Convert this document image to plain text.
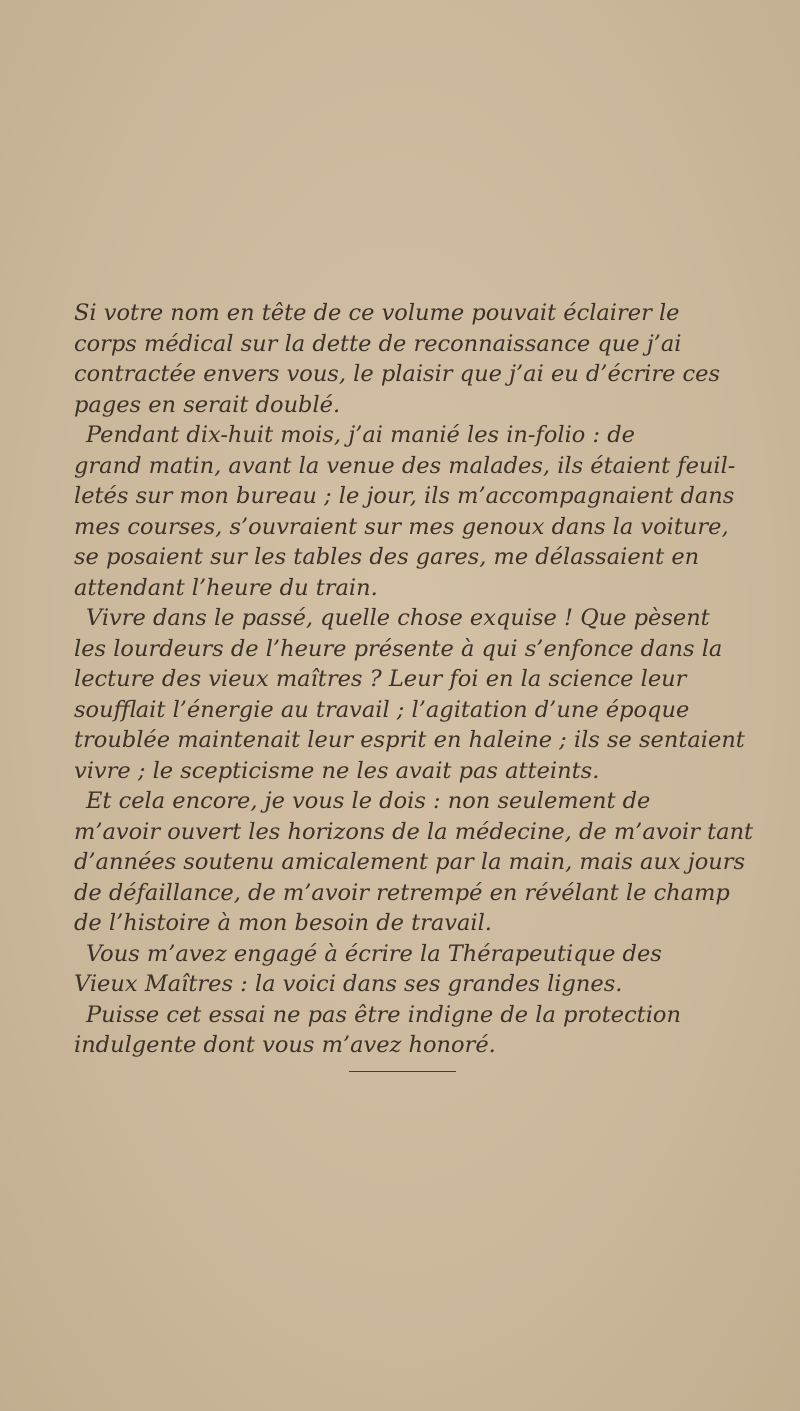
Si votre nom en tête de ce volume pouvait éclairer le
corps médical sur la dette de reconnaissance que j’ai
contractée envers vous, le plaisir que j’ai eu d’écrire ces
pages en serait doublé.
Pendant dix-huit mois, j’ai manié les in-folio : de
grand matin, avant la venue des malades, ils étaient feuil-
letés sur mon bureau ; le jour, ils m’accompagnaient dans
mes courses, s’ouvraient sur mes genoux dans la voiture,
se posaient sur les tables des gares, me délassaient en
attendant l’heure du train.
Vivre dans le passé, quelle chose exquise ! Que pèsent
les lourdeurs de l’heure présente à qui s’enfonce dans la
lecture des vieux maîtres ? Leur foi en la science leur
soufflait l’énergie au travail ; l’agitation d’une époque
troublée maintenait leur esprit en haleine ; ils se sentaient
vivre ; le scepticisme ne les avait pas atteints.
Et cela encore, je vous le dois : non seulement de
m’avoir ouvert les horizons de la médecine, de m’avoir tant
d’années soutenu amicalement par la main, mais aux jours
de défaillance, de m’avoir retrempé en révélant le champ
de l’histoire à mon besoin de travail.
Vous m’avez engagé à écrire la Thérapeutique des
Vieux Maîtres : la voici dans ses grandes lignes.
Puisse cet essai ne pas être indigne de la protection
indulgente dont vous m’avez honoré.
